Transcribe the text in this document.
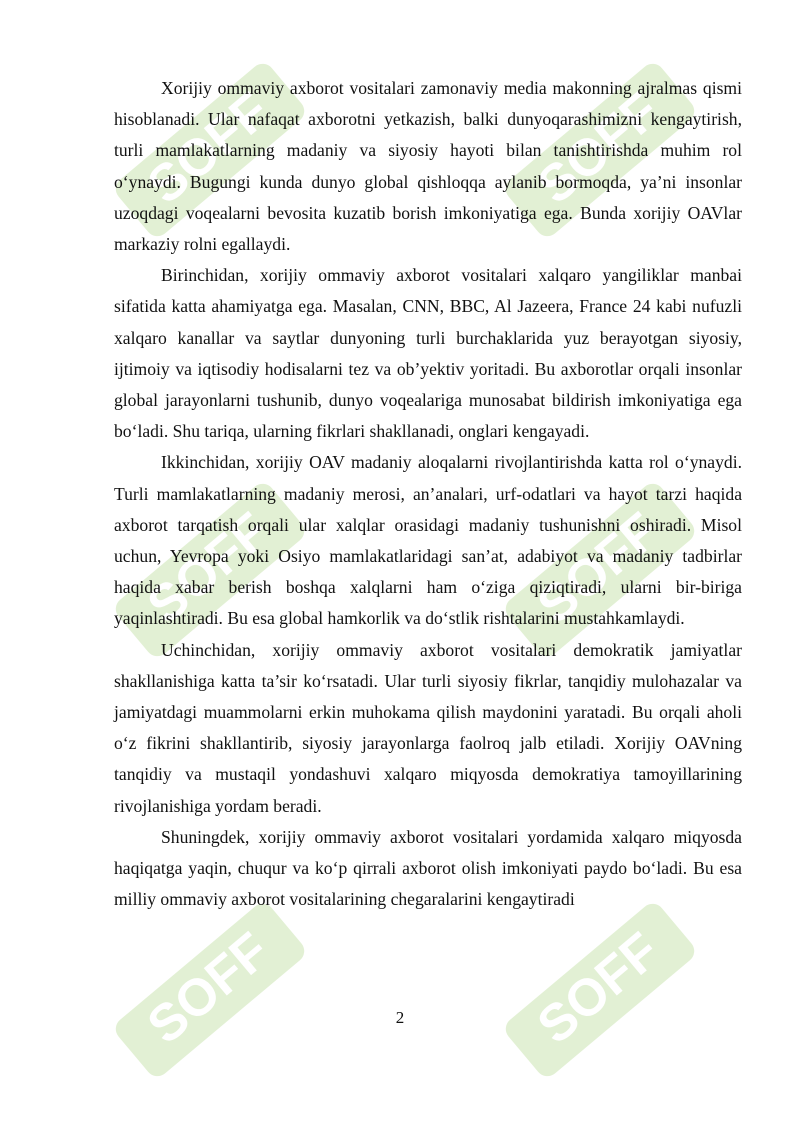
SOFF	SOFF
SOFF	SOFF
SOFF	SOFF

Xorijiy ommaviy axborot vositalari zamonaviy media makonning ajralmas qismi hisoblanadi. Ular nafaqat axborotni yetkazish, balki dunyoqarashimizni kengaytirish, turli mamlakatlarning madaniy va siyosiy hayoti bilan tanishtirishda muhim rol o‘ynaydi. Bugungi kunda dunyo global qishloqqa aylanib bormoqda, ya’ni insonlar uzoqdagi voqealarni bevosita kuzatib borish imkoniyatiga ega. Bunda xorijiy OAVlar markaziy rolni egallaydi.

Birinchidan, xorijiy ommaviy axborot vositalari xalqaro yangiliklar manbai sifatida katta ahamiyatga ega. Masalan, CNN, BBC, Al Jazeera, France 24 kabi nufuzli xalqaro kanallar va saytlar dunyoning turli burchaklarida yuz berayotgan siyosiy, ijtimoiy va iqtisodiy hodisalarni tez va ob’yektiv yoritadi. Bu axborotlar orqali insonlar global jarayonlarni tushunib, dunyo voqealariga munosabat bildirish imkoniyatiga ega bo‘ladi. Shu tariqa, ularning fikrlari shakllanadi, onglari kengayadi.

Ikkinchidan, xorijiy OAV madaniy aloqalarni rivojlantirishda katta rol o‘ynaydi. Turli mamlakatlarning madaniy merosi, an’analari, urf-odatlari va hayot tarzi haqida axborot tarqatish orqali ular xalqlar orasidagi madaniy tushunishni oshiradi. Misol uchun, Yevropa yoki Osiyo mamlakatlaridagi san’at, adabiyot va madaniy tadbirlar haqida xabar berish boshqa xalqlarni ham o‘ziga qiziqtiradi, ularni bir-biriga yaqinlashtiradi. Bu esa global hamkorlik va do‘stlik rishtalarini mustahkamlaydi.

Uchinchidan, xorijiy ommaviy axborot vositalari demokratik jamiyatlar shakllanishiga katta ta’sir ko‘rsatadi. Ular turli siyosiy fikrlar, tanqidiy mulohazalar va jamiyatdagi muammolarni erkin muhokama qilish maydonini yaratadi. Bu orqali aholi o‘z fikrini shakllantirib, siyosiy jarayonlarga faolroq jalb etiladi. Xorijiy OAVning tanqidiy va mustaqil yondashuvi xalqaro miqyosda demokratiya tamoyillarining rivojlanishiga yordam beradi.

Shuningdek, xorijiy ommaviy axborot vositalari yordamida xalqaro miqyosda haqiqatga yaqin, chuqur va ko‘p qirrali axborot olish imkoniyati paydo bo‘ladi. Bu esa milliy ommaviy axborot vositalarining chegaralarini kengaytiradi

2
